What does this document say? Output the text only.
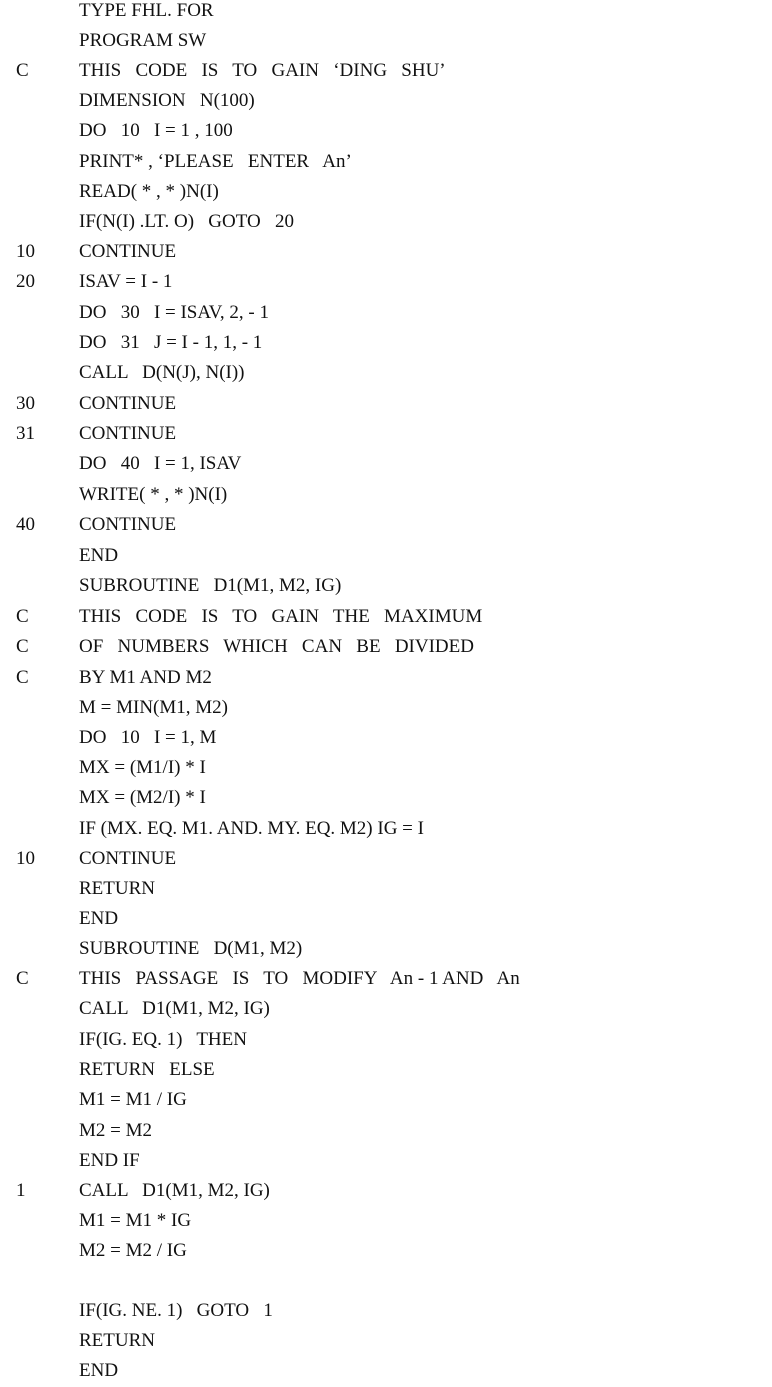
TYPE FHL. FOR
PROGRAM SW
C	THIS   CODE   IS   TO   GAIN   ‘DING   SHU’
DIMENSION   N(100)
DO   10   I = 1 , 100
PRINT* , ‘PLEASE   ENTER   An’
READ( * , * )N(I)
IF(N(I) .LT. O)   GOTO   20
10	CONTINUE
20	ISAV = I - 1
DO   30   I = ISAV, 2, - 1
DO   31   J = I - 1, 1, - 1
CALL   D(N(J), N(I))
30	CONTINUE
31	CONTINUE
DO   40   I = 1, ISAV
WRITE( * , * )N(I)
40	CONTINUE
END
SUBROUTINE   D1(M1, M2, IG)
C	THIS   CODE   IS   TO   GAIN   THE   MAXIMUM
C	OF   NUMBERS   WHICH   CAN   BE   DIVIDED
C	BY M1 AND M2
M = MIN(M1, M2)
DO   10   I = 1, M
MX = (M1/I) * I
MX = (M2/I) * I
IF (MX. EQ. M1. AND. MY. EQ. M2) IG = I
10	CONTINUE
RETURN
END
SUBROUTINE   D(M1, M2)
C	THIS   PASSAGE   IS   TO   MODIFY   An - 1 AND   An
CALL   D1(M1, M2, IG)
IF(IG. EQ. 1)   THEN
RETURN   ELSE
M1 = M1 / IG
M2 = M2
END IF
1	CALL   D1(M1, M2, IG)
M1 = M1 * IG
M2 = M2 / IG
IF(IG. NE. 1)   GOTO   1
RETURN
END
